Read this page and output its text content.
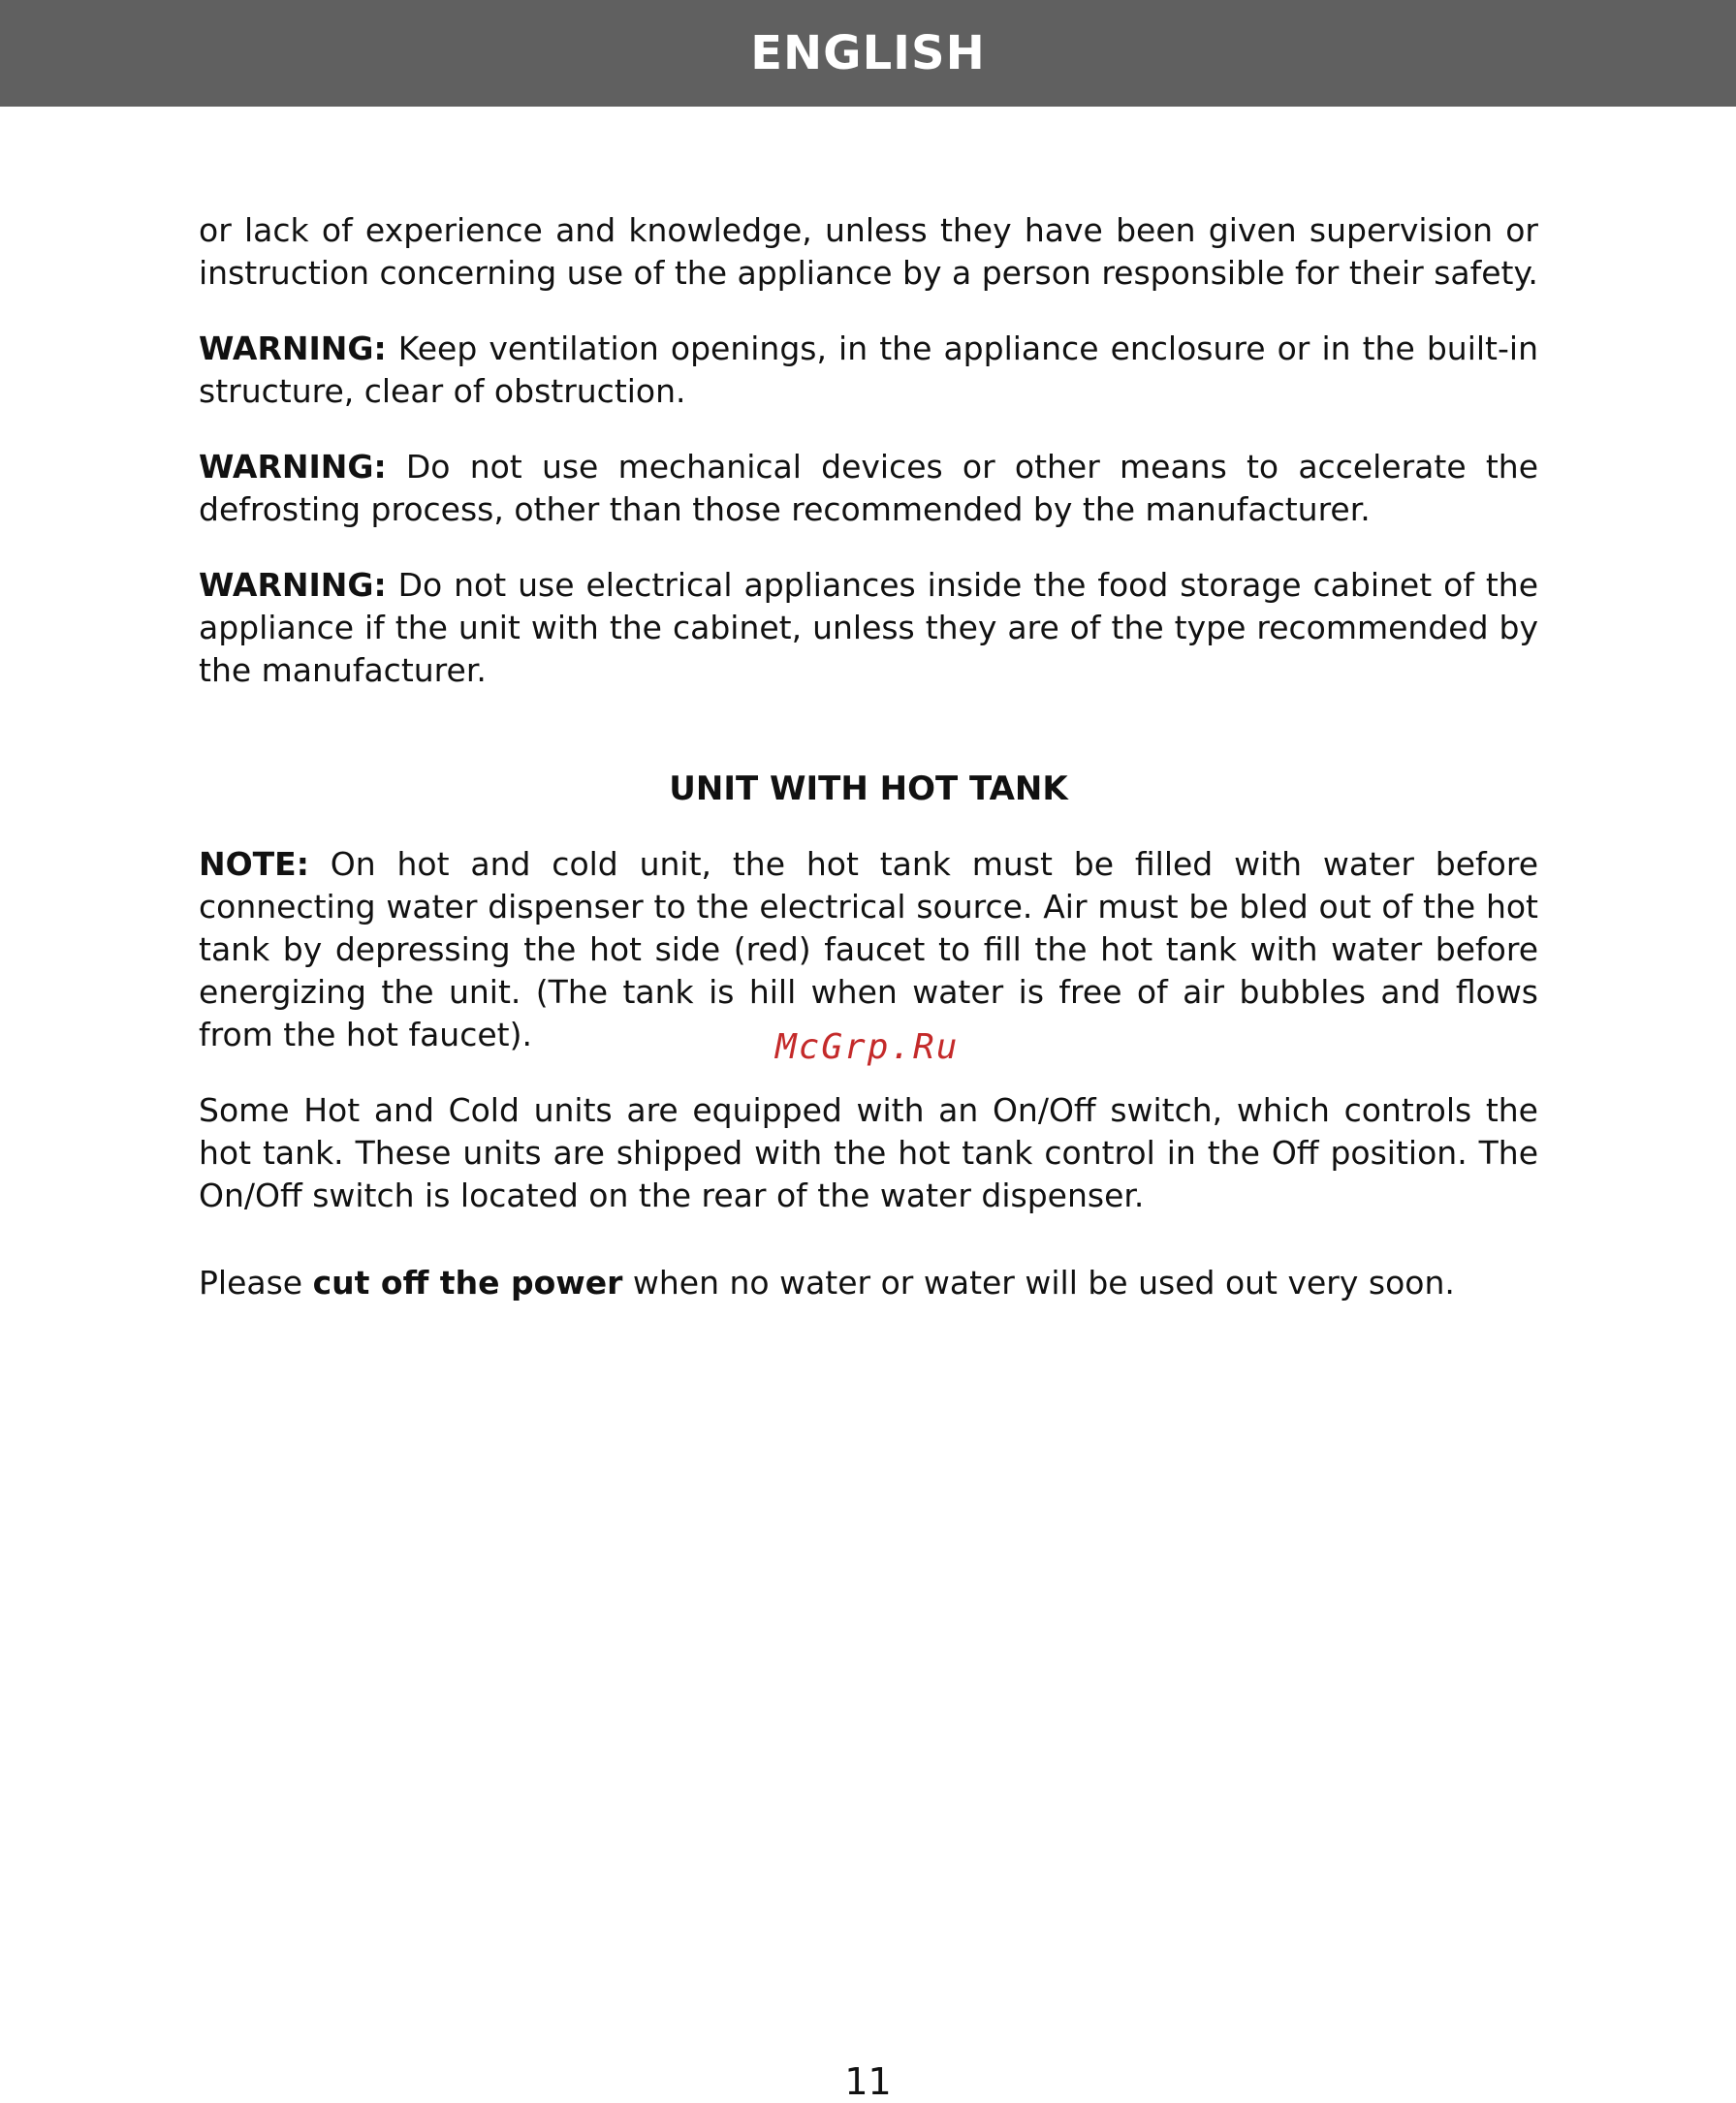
ENGLISH

or lack of experience and knowledge, unless they have been given supervision or instruction concerning use of the appliance by a person responsible for their safety.

WARNING: Keep ventilation openings, in the appliance enclosure or in the built-in structure, clear of obstruction.

WARNING: Do not use mechanical devices or other means to accelerate the defrosting process, other than those recommended by the manufacturer.

WARNING: Do not use electrical appliances inside the food storage cabinet of the appliance if the unit with the cabinet, unless they are of the type recommended by the manufacturer.

UNIT WITH HOT TANK

NOTE: On hot and cold unit, the hot tank must be filled with water before connecting water dispenser to the electrical source. Air must be bled out of the hot tank by depressing the hot side (red) faucet to fill the hot tank with water before energizing the unit. (The tank is hill when water is free of air bubbles and flows from the hot faucet).

Some Hot and Cold units are equipped with an On/Off switch, which controls the hot tank. These units are shipped with the hot tank control in the Off position. The On/Off switch is located on the rear of the water dispenser.

Please cut off the power when no water or water will be used out very soon.

McGrp.Ru
11
